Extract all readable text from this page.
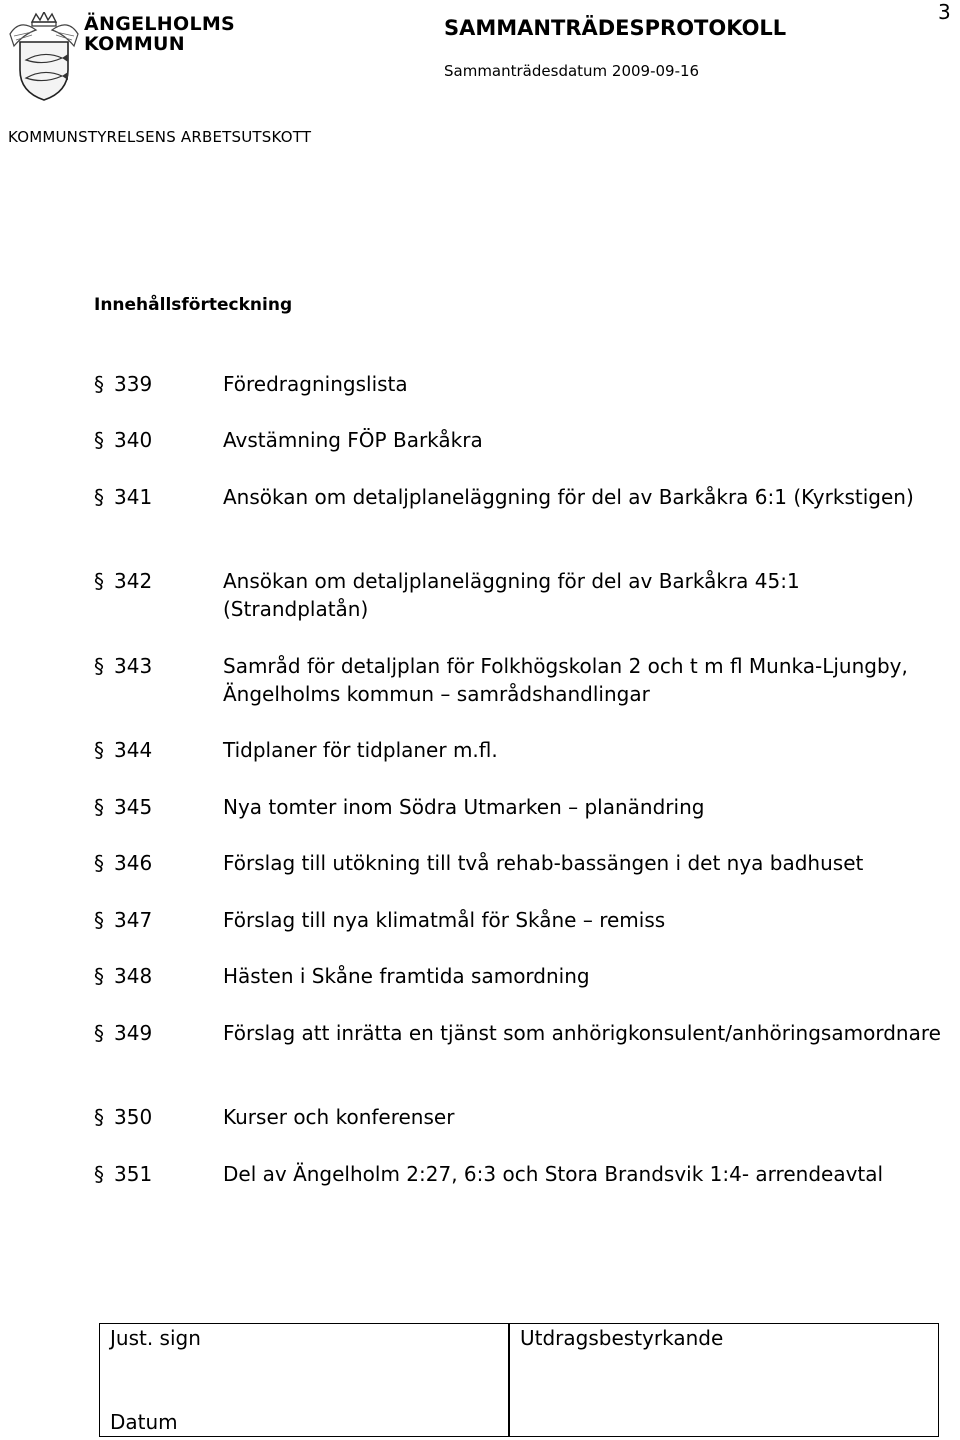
ÄNGELHOLMS
KOMMUN
SAMMANTRÄDESPROTOKOLL
Sammanträdesdatum 2009-09-16
3
KOMMUNSTYRELSENS ARBETSUTSKOTT
Innehållsförteckning
§ 339	Föredragningslista
§ 340	Avstämning FÖP Barkåkra
§ 341	Ansökan om detaljplaneläggning för del av Barkåkra 6:1 (Kyrkstigen)
§ 342	Ansökan om detaljplaneläggning för del av Barkåkra 45:1 (Strandplatån)
§ 343	Samråd för detaljplan för Folkhögskolan 2 och t m fl Munka-Ljungby, Ängelholms kommun – samrådshandlingar
§ 344	Tidplaner för tidplaner m.fl.
§ 345	Nya tomter inom Södra Utmarken – planändring
§ 346	Förslag till utökning till två rehab-bassängen i det nya badhuset
§ 347	Förslag till nya klimatmål för Skåne – remiss
§ 348	Hästen i Skåne framtida samordning
§ 349	Förslag att inrätta en tjänst som anhörigkonsulent/anhöringsamordnare
§ 350	Kurser och konferenser
§ 351	Del av Ängelholm 2:27, 6:3 och Stora Brandsvik 1:4- arrendeavtal
Just. sign
Datum
Utdragsbestyrkande
